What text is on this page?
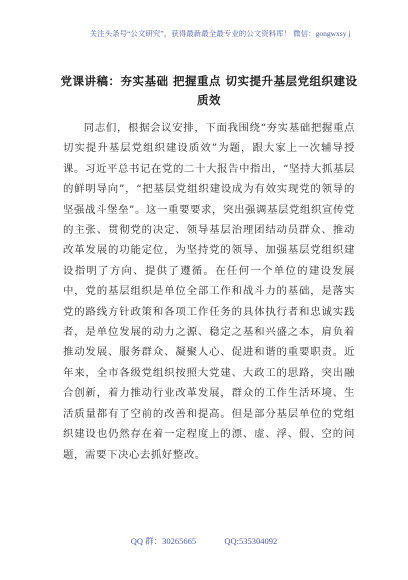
关注头条号“公文研究”，获得最新最全最专业的公文资料库！ 微信：gongwxsy j
党课讲稿：夯实基础 把握重点 切实提升基层党组织建设质效
同志们，根据会议安排，下面我围绕“夯实基础把握重点切实提升基层党组织建设质效”为题，跟大家上一次辅导授课。习近平总书记在党的二十大报告中指出，“坚持大抓基层的鲜明导向”，“把基层党组织建设成为有效实现党的领导的坚强战斗堡垒”。这一重要要求，突出强调基层党组织宣传党的主张、贯彻党的决定、领导基层治理团结动员群众、推动改革发展的功能定位，为坚持党的领导、加强基层党组织建设指明了方向、提供了遵循。在任何一个单位的建设发展中，党的基层组织是单位全部工作和战斗力的基础，是落实党的路线方针政策和各项工作任务的具体执行者和忠诚实践者，是单位发展的动力之源、稳定之基和兴盛之本，肩负着推动发展、服务群众、凝聚人心、促进和谐的重要职责。近年来，全市各级党组织按照大党建、大政工的思路，突出融合创新，着力推动行业改革发展，群众的工作生活环境、生活质量都有了空前的改善和提高。但是部分基层单位的党组织建设也仍然存在着一定程度上的漂、虚、浮、假、空的问题，需要下决心去抓好整改。
QQ 群：30265665	QQ:535304092
